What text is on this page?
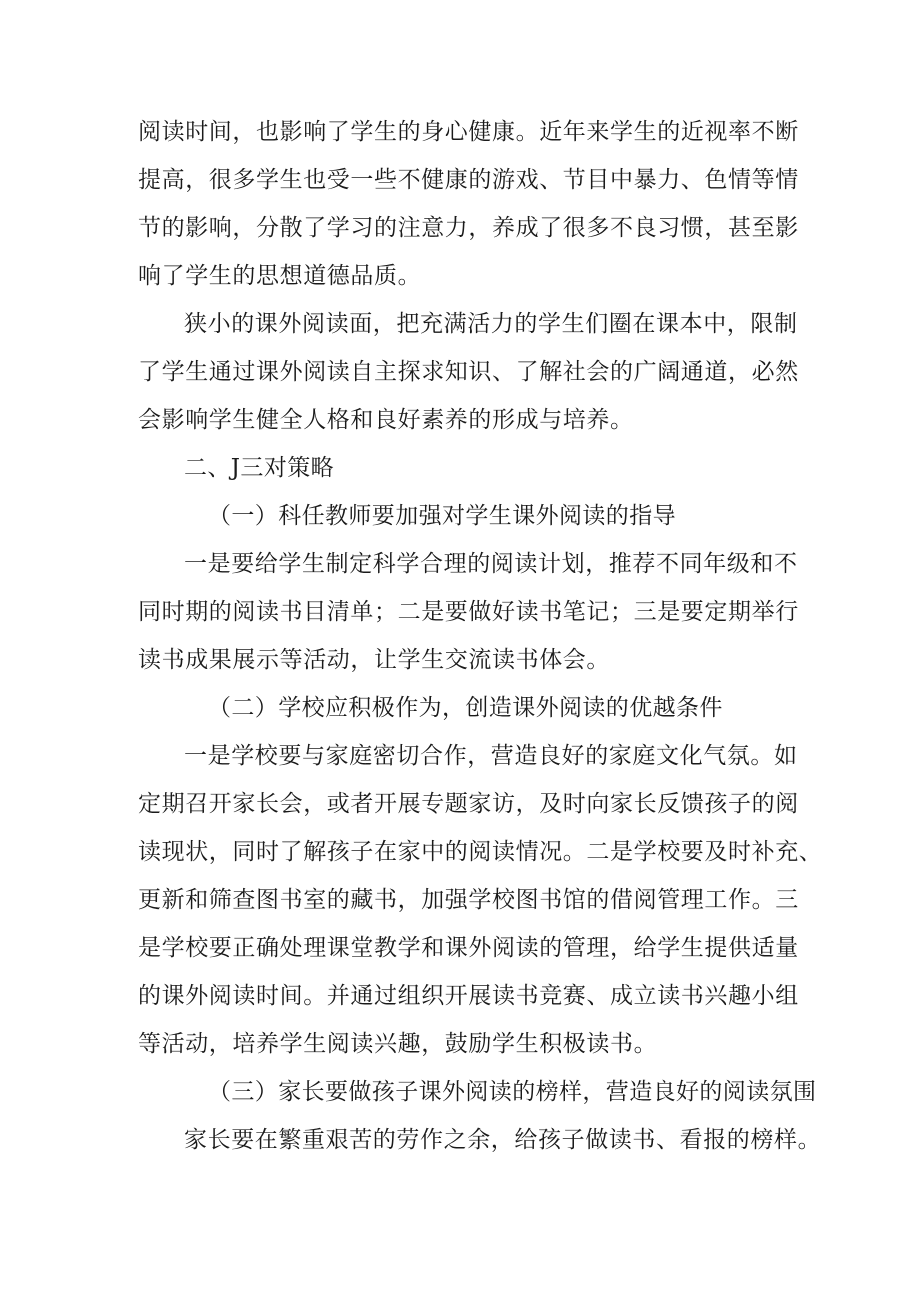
阅读时间，也影响了学生的身心健康。近年来学生的近视率不断
提高，很多学生也受一些不健康的游戏、节目中暴力、色情等情
节的影响，分散了学习的注意力，养成了很多不良习惯，甚至影
响了学生的思想道德品质。
狭小的课外阅读面，把充满活力的学生们圈在课本中，限制
了学生通过课外阅读自主探求知识、了解社会的广阔通道，必然
会影响学生健全人格和良好素养的形成与培养。
二、J三对策略
（一）科任教师要加强对学生课外阅读的指导
一是要给学生制定科学合理的阅读计划，推荐不同年级和不
同时期的阅读书目清单；二是要做好读书笔记；三是要定期举行
读书成果展示等活动，让学生交流读书体会。
（二）学校应积极作为，创造课外阅读的优越条件
一是学校要与家庭密切合作，营造良好的家庭文化气氛。如
定期召开家长会，或者开展专题家访，及时向家长反馈孩子的阅
读现状，同时了解孩子在家中的阅读情况。二是学校要及时补充、
更新和筛查图书室的藏书，加强学校图书馆的借阅管理工作。三
是学校要正确处理课堂教学和课外阅读的管理，给学生提供适量
的课外阅读时间。并通过组织开展读书竞赛、成立读书兴趣小组
等活动，培养学生阅读兴趣，鼓励学生积极读书。
（三）家长要做孩子课外阅读的榜样，营造良好的阅读氛围
家长要在繁重艰苦的劳作之余，给孩子做读书、看报的榜样。
